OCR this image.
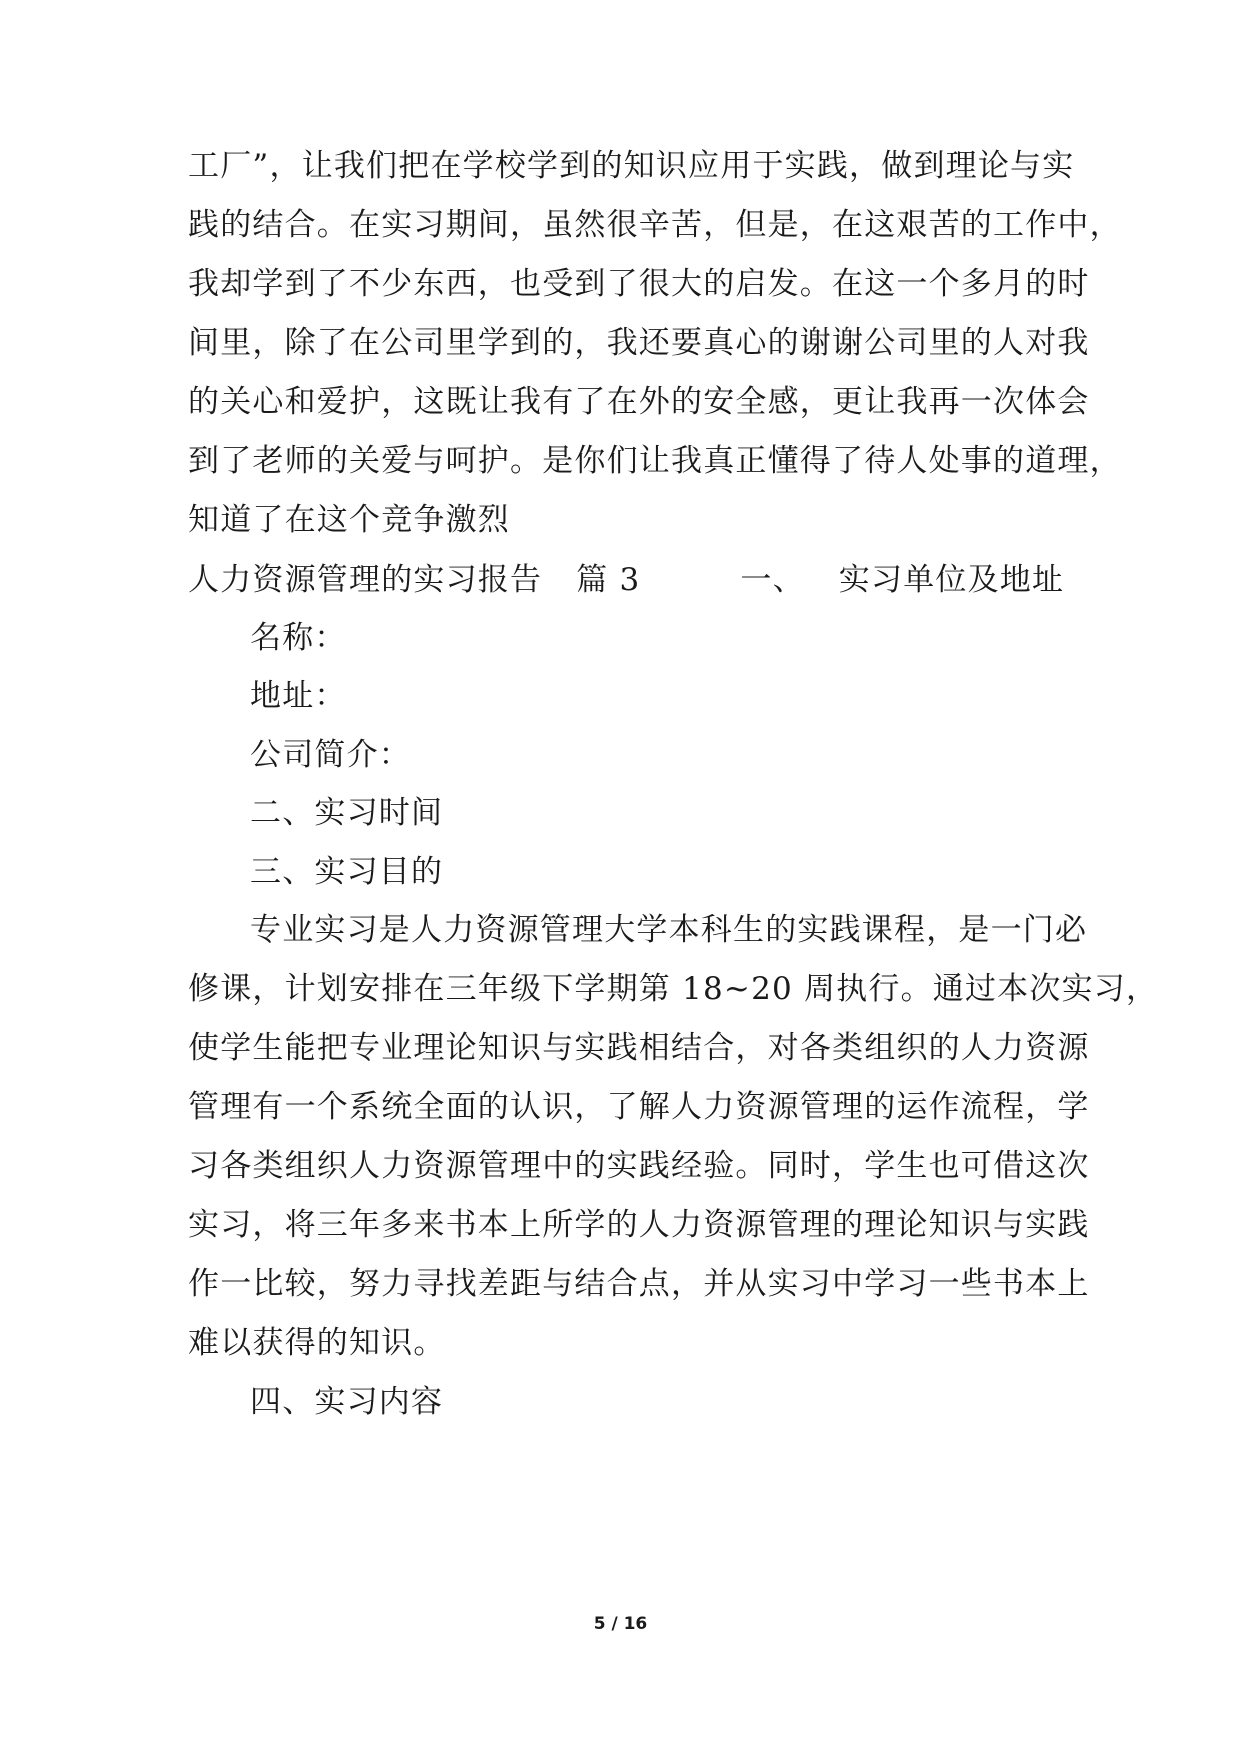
工厂”，让我们把在学校学到的知识应用于实践，做到理论与实
践的结合。在实习期间，虽然很辛苦，但是，在这艰苦的工作中，
我却学到了不少东西，也受到了很大的启发。在这一个多月的时
间里，除了在公司里学到的，我还要真心的谢谢公司里的人对我
的关心和爱护，这既让我有了在外的安全感，更让我再一次体会
到了老师的关爱与呵护。是你们让我真正懂得了待人处事的道理，
知道了在这个竞争激烈
人力资源管理的实习报告 篇 3	一、 实习单位及地址
名称：
地址：
公司简介：
二、实习时间
三、实习目的
专业实习是人力资源管理大学本科生的实践课程，是一门必
修课，计划安排在三年级下学期第 18~20 周执行。通过本次实习，
使学生能把专业理论知识与实践相结合，对各类组织的人力资源
管理有一个系统全面的认识，了解人力资源管理的运作流程，学
习各类组织人力资源管理中的实践经验。同时，学生也可借这次
实习，将三年多来书本上所学的人力资源管理的理论知识与实践
作一比较，努力寻找差距与结合点，并从实习中学习一些书本上
难以获得的知识。
四、实习内容
5 / 16
